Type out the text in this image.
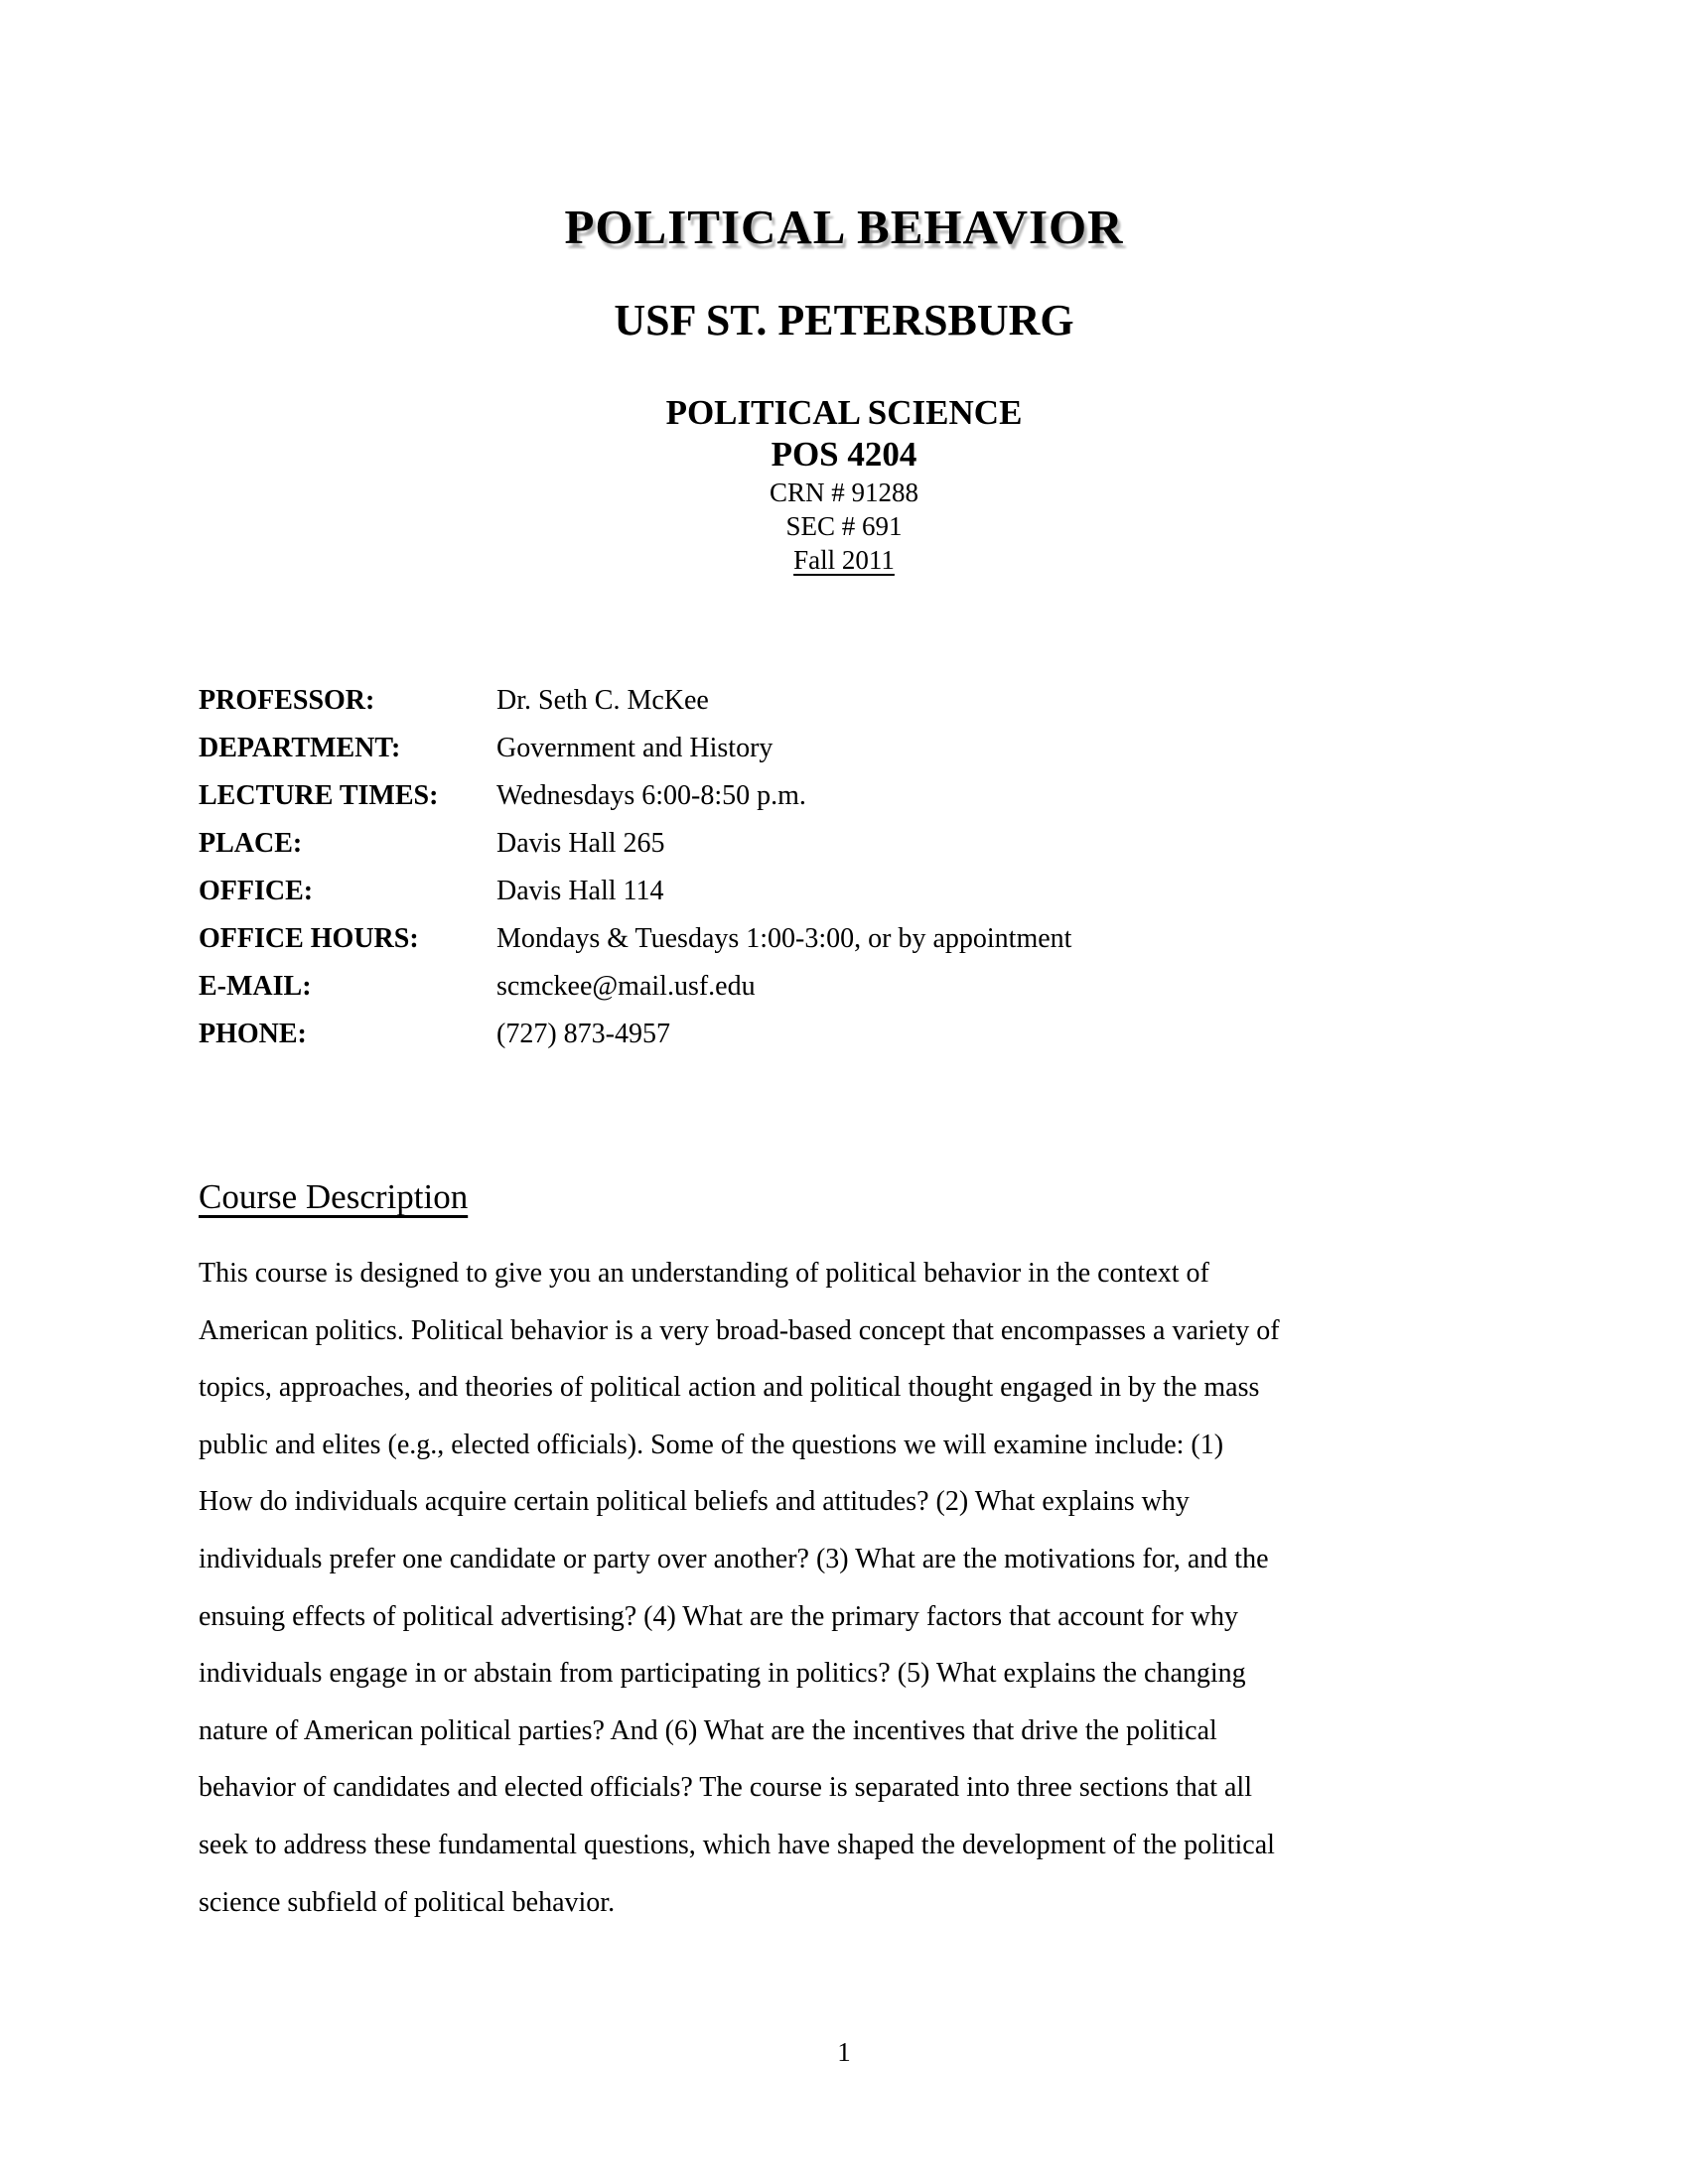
POLITICAL BEHAVIOR
USF ST. PETERSBURG
POLITICAL SCIENCE
POS 4204
CRN # 91288
SEC # 691
Fall 2011
PROFESSOR:	Dr. Seth C. McKee
DEPARTMENT:	Government and History
LECTURE TIMES:	Wednesdays 6:00-8:50 p.m.
PLACE:	Davis Hall 265
OFFICE:	Davis Hall 114
OFFICE HOURS:	Mondays & Tuesdays 1:00-3:00, or by appointment
E-MAIL:	scmckee@mail.usf.edu
PHONE:	(727) 873-4957
Course Description
This course is designed to give you an understanding of political behavior in the context of
American politics. Political behavior is a very broad-based concept that encompasses a variety of
topics, approaches, and theories of political action and political thought engaged in by the mass
public and elites (e.g., elected officials). Some of the questions we will examine include: (1)
How do individuals acquire certain political beliefs and attitudes? (2) What explains why
individuals prefer one candidate or party over another? (3) What are the motivations for, and the
ensuing effects of political advertising? (4) What are the primary factors that account for why
individuals engage in or abstain from participating in politics? (5) What explains the changing
nature of American political parties? And (6) What are the incentives that drive the political
behavior of candidates and elected officials? The course is separated into three sections that all
seek to address these fundamental questions, which have shaped the development of the political
science subfield of political behavior.
1
